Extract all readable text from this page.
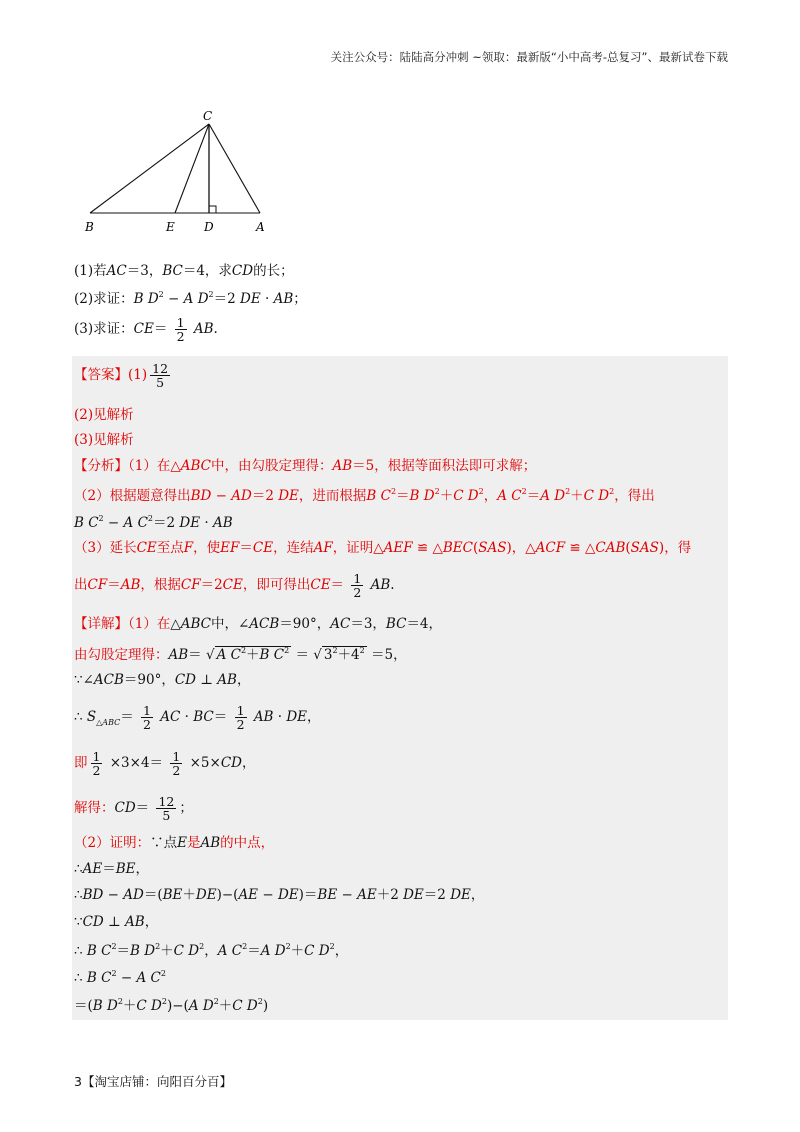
关注公众号：陆陆高分冲刺 ~领取：最新版“小中高考-总复习”、最新试卷下载
C
B	E D	A
(1)若AC＝3，BC＝4，求CD的长；
(2)求证：B $D^2 - A$ $D^2=2$ DE · AB；
(3)求证：$CE= \frac{1}{2}$ AB.
【答案】$(1) \frac{12}{5}$
(2)见解析
(3)见解析
【分析】（1）在△ABC中，由勾股定理得：AB＝5，根据等面积法即可求解；
（2）根据题意得出BD − AD＝2 DE，进而根据B $C^2=B$ $D^2+C$ $D^2$，A $C^2=A$ $D^2+C$ $D^2$，得出
B $C^2 - A$ $C^2=2$ DE · AB
（3）延长CE至点F，使EF＝CE，连结AF，证明△AEF ≌ △BEC(SAS)，△ACF ≌ △CAB(SAS)，得
出CF＝AB，根据CF＝2CE，即可得出$CE= \frac{1}{2}$ AB.
【详解】（1）在△ABC中，∠ACB＝90°，AC＝3，BC＝4，
由勾股定理得：AB＝ √ A $C^2+B$ $C^2$ ＝ √ $3^2+4^2 =5$，
∵∠ACB＝90°，CD ⊥ AB，
∴ $S_{\triangle ABC}= \frac{1}{2}$ AC · $BC= \frac{1}{2}$ AB · DE，
即 $\frac{1}{2} \times 3\times 4= \frac{1}{2} \times 5\times CD$，
解得：$CD= \frac{12}{5}$ ；
（2）证明：∵点E是AB的中点，
∴AE＝BE，
∴BD − AD＝(BE＋DE)−(AE − DE)＝BE − AE＋2 DE＝2 DE，
∵CD ⊥ AB，
∴ B $C^2=B$ $D^2+C$ $D^2$，A $C^2=A$ $D^2+C$ $D^2$，
∴ B $C^2 - A$ $C^2$
＝(B $D^2+C$ $D^2)-(A$ $D^2+C$ $D^2$)
3【淘宝店铺：向阳百分百】
